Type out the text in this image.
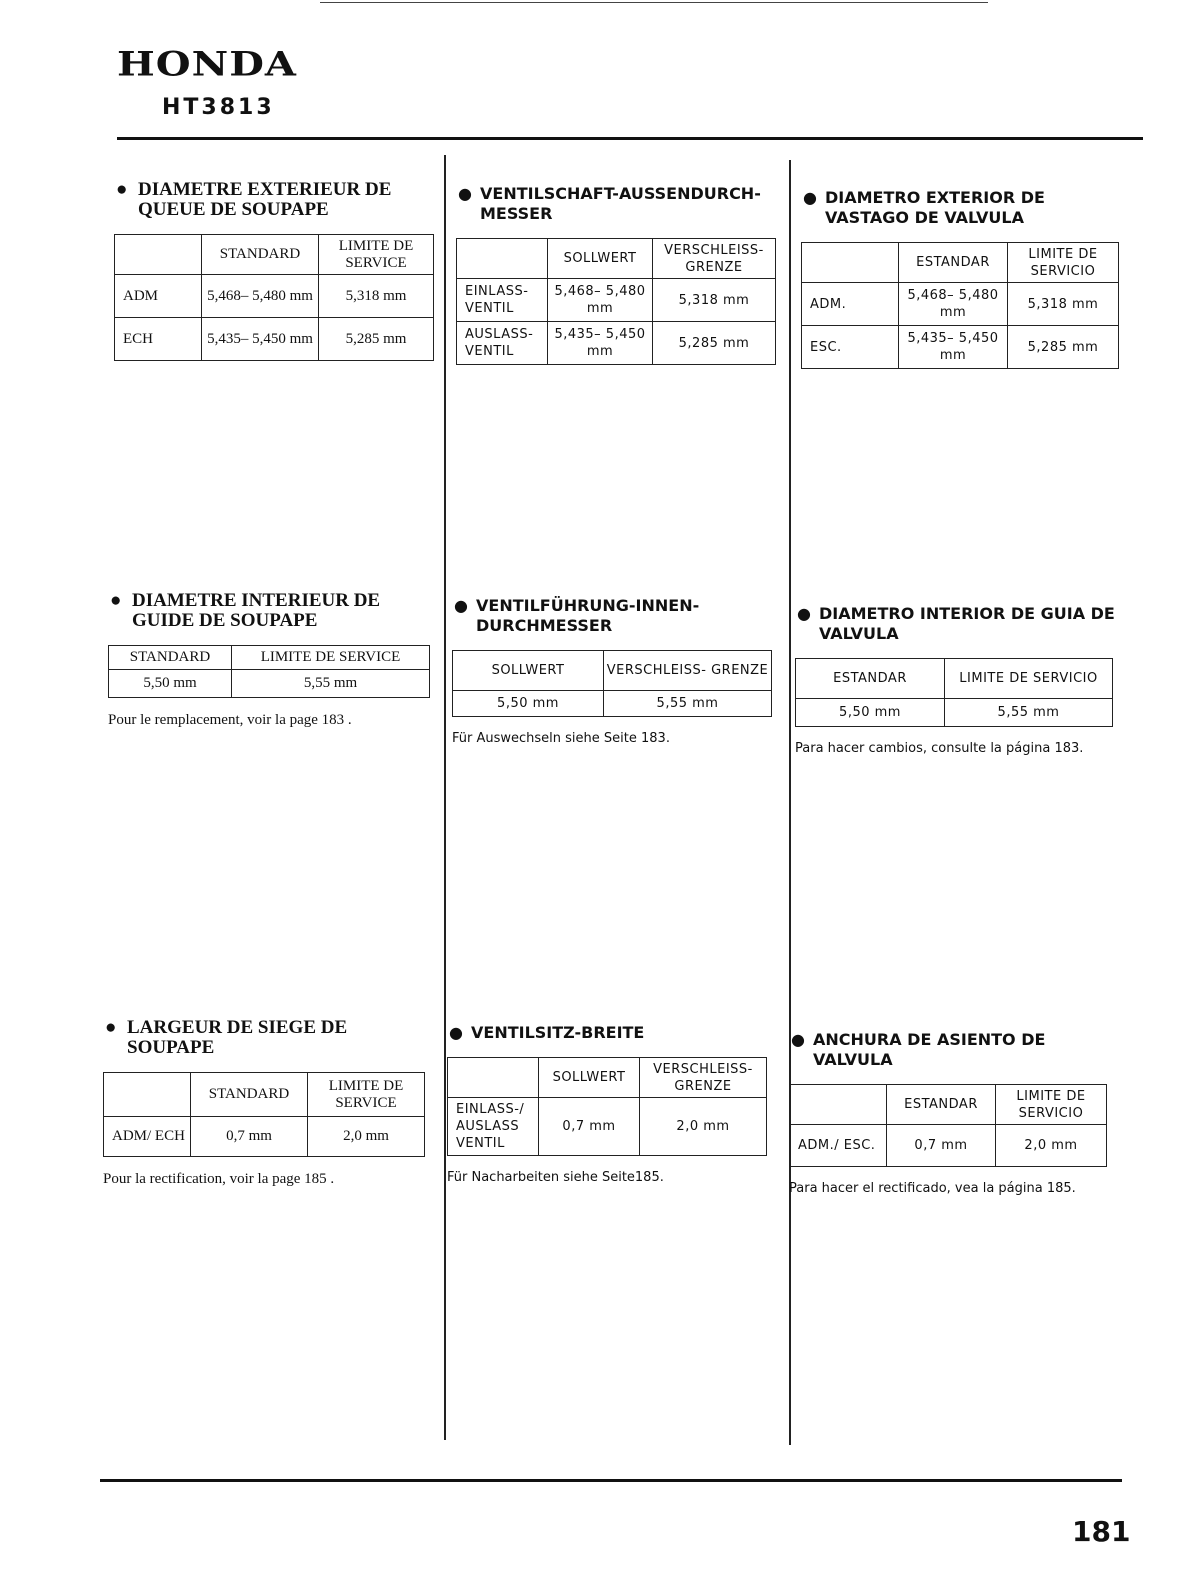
HONDA
HT3813
● DIAMETRE EXTERIEUR DE QUEUE DE SOUPAPE
	STANDARD	LIMITE DE SERVICE
ADM	5,468– 5,480 mm	5,318 mm
ECH	5,435– 5,450 mm	5,285 mm
● DIAMETRE INTERIEUR DE GUIDE DE SOUPAPE
STANDARD	LIMITE DE SERVICE
5,50 mm	5,55 mm
Pour le remplacement, voir la page 183 .
● LARGEUR DE SIEGE DE SOUPAPE
	STANDARD	LIMITE DE SERVICE
ADM/ ECH	0,7 mm	2,0 mm
Pour la rectification, voir la page 185 .
● VENTILSCHAFT-AUSSENDURCH- MESSER
	SOLLWERT	VERSCHLEISS- GRENZE
EINLASS- VENTIL	5,468– 5,480 mm	5,318 mm
AUSLASS- VENTIL	5,435– 5,450 mm	5,285 mm
● VENTILFÜHRUNG-INNEN- DURCHMESSER
SOLLWERT	VERSCHLEISS- GRENZE
5,50 mm	5,55 mm
Für Auswechseln siehe Seite 183.
● VENTILSITZ-BREITE
	SOLLWERT	VERSCHLEISS- GRENZE
EINLASS-/ AUSLASS VENTIL	0,7 mm	2,0 mm
Für Nacharbeiten siehe Seite185.
● DIAMETRO EXTERIOR DE VASTAGO DE VALVULA
	ESTANDAR	LIMITE DE SERVICIO
ADM.	5,468– 5,480 mm	5,318 mm
ESC.	5,435– 5,450 mm	5,285 mm
● DIAMETRO INTERIOR DE GUIA DE VALVULA
ESTANDAR	LIMITE DE SERVICIO
5,50 mm	5,55 mm
Para hacer cambios, consulte la página 183.
● ANCHURA DE ASIENTO DE VALVULA
	ESTANDAR	LIMITE DE SERVICIO
ADM./ ESC.	0,7 mm	2,0 mm
Para hacer el rectificado, vea la página 185.
181
